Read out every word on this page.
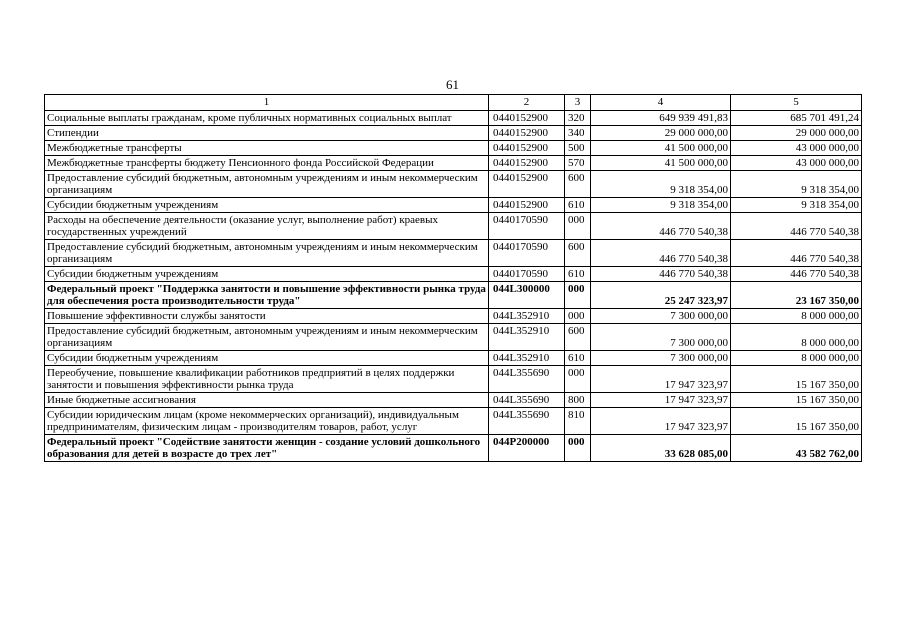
61
1	2	3	4	5
Социальные выплаты гражданам, кроме публичных нормативных социальных выплат	0440152900	320	649 939 491,83	685 701 491,24
Стипендии	0440152900	340	29 000 000,00	29 000 000,00
Межбюджетные трансферты	0440152900	500	41 500 000,00	43 000 000,00
Межбюджетные трансферты бюджету Пенсионного фонда Российской Федерации	0440152900	570	41 500 000,00	43 000 000,00
Предоставление субсидий бюджетным, автономным учреждениям и иным некоммерческим организациям	0440152900	600	9 318 354,00	9 318 354,00
Субсидии бюджетным учреждениям	0440152900	610	9 318 354,00	9 318 354,00
Расходы на обеспечение деятельности (оказание услуг, выполнение работ) краевых государственных учреждений	0440170590	000	446 770 540,38	446 770 540,38
Предоставление субсидий бюджетным, автономным учреждениям и иным некоммерческим организациям	0440170590	600	446 770 540,38	446 770 540,38
Субсидии бюджетным учреждениям	0440170590	610	446 770 540,38	446 770 540,38
Федеральный проект "Поддержка занятости и повышение эффективности рынка труда для обеспечения роста производительности труда"	044L300000	000	25 247 323,97	23 167 350,00
Повышение эффективности службы занятости	044L352910	000	7 300 000,00	8 000 000,00
Предоставление субсидий бюджетным, автономным учреждениям и иным некоммерческим организациям	044L352910	600	7 300 000,00	8 000 000,00
Субсидии бюджетным учреждениям	044L352910	610	7 300 000,00	8 000 000,00
Переобучение, повышение квалификации работников предприятий в целях поддержки занятости и повышения эффективности рынка труда	044L355690	000	17 947 323,97	15 167 350,00
Иные бюджетные ассигнования	044L355690	800	17 947 323,97	15 167 350,00
Субсидии юридическим лицам (кроме некоммерческих организаций), индивидуальным предпринимателям, физическим лицам - производителям товаров, работ, услуг	044L355690	810	17 947 323,97	15 167 350,00
Федеральный проект "Содействие занятости женщин - создание условий дошкольного образования для детей в возрасте до трех лет"	044P200000	000	33 628 085,00	43 582 762,00
